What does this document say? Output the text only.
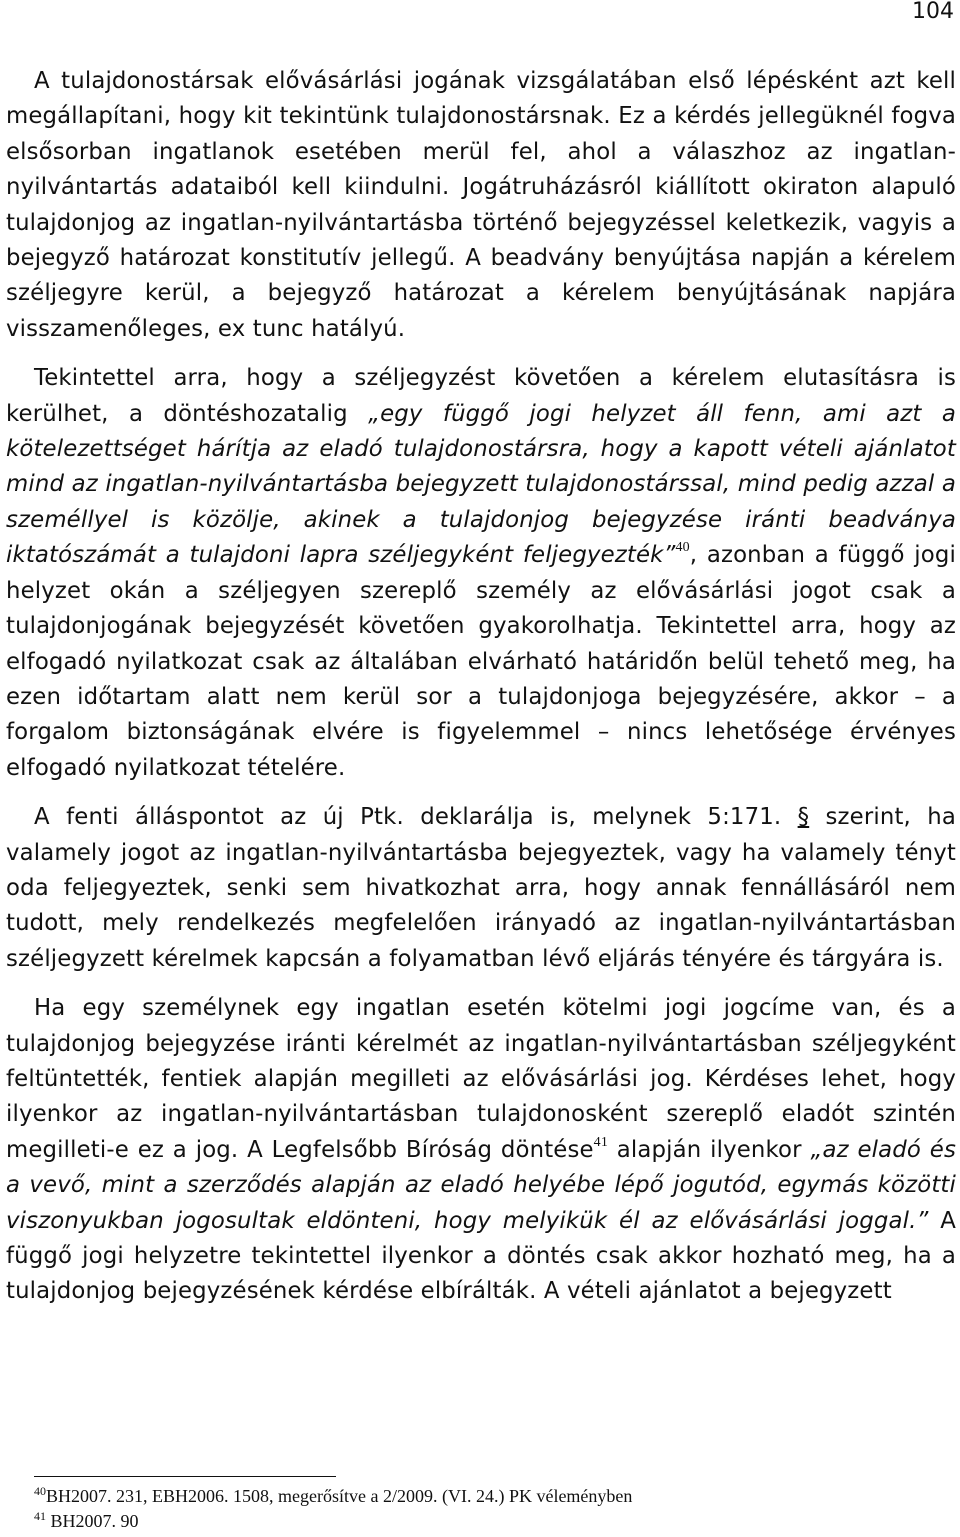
104

A tulajdonostársak elővásárlási jogának vizsgálatában első lépésként azt kell megállapítani, hogy kit tekintünk tulajdonostársnak. Ez a kérdés jellegüknél fogva elsősorban ingatlanok esetében merül fel, ahol a válaszhoz az ingatlan-nyilvántartás adataiból kell kiindulni. Jogátruházásról kiállított okiraton alapuló tulajdonjog az ingatlan-nyilvántartásba történő bejegyzéssel keletkezik, vagyis a bejegyző határozat konstitutív jellegű. A beadvány benyújtása napján a kérelem széljegyre kerül, a bejegyző határozat a kérelem benyújtásának napjára visszamenőleges, ex tunc hatályú.

Tekintettel arra, hogy a széljegyzést követően a kérelem elutasításra is kerülhet, a döntéshozatalig „egy függő jogi helyzet áll fenn, ami azt a kötelezettséget hárítja az eladó tulajdonostársra, hogy a kapott vételi ajánlatot mind az ingatlan-nyilvántartásba bejegyzett tulajdonostárssal, mind pedig azzal a személlyel is közölje, akinek a tulajdonjog bejegyzése iránti beadványa iktatószámát a tulajdoni lapra széljegyként feljegyezték”$^{40}$, azonban a függő jogi helyzet okán a széljegyen szereplő személy az elővásárlási jogot csak a tulajdonjogának bejegyzését követően gyakorolhatja. Tekintettel arra, hogy az elfogadó nyilatkozat csak az általában elvárható határidőn belül tehető meg, ha ezen időtartam alatt nem kerül sor a tulajdonjoga bejegyzésére, akkor – a forgalom biztonságának elvére is figyelemmel – nincs lehetősége érvényes elfogadó nyilatkozat tételére.

A fenti álláspontot az új Ptk. deklarálja is, melynek 5:171. § szerint, ha valamely jogot az ingatlan-nyilvántartásba bejegyeztek, vagy ha valamely tényt oda feljegyeztek, senki sem hivatkozhat arra, hogy annak fennállásáról nem tudott, mely rendelkezés megfelelően irányadó az ingatlan-nyilvántartásban széljegyzett kérelmek kapcsán a folyamatban lévő eljárás tényére és tárgyára is.

Ha egy személynek egy ingatlan esetén kötelmi jogi jogcíme van, és a tulajdonjog bejegyzése iránti kérelmét az ingatlan-nyilvántartásban széljegyként feltüntették, fentiek alapján megilleti az elővásárlási jog. Kérdéses lehet, hogy ilyenkor az ingatlan-nyilvántartásban tulajdonosként szereplő eladót szintén megilleti-e ez a jog. A Legfelsőbb Bíróság döntése$^{41}$ alapján ilyenkor „az eladó és a vevő, mint a szerződés alapján az eladó helyébe lépő jogutód, egymás közötti viszonyukban jogosultak eldönteni, hogy melyikük él az elővásárlási joggal.” A függő jogi helyzetre tekintettel ilyenkor a döntés csak akkor hozható meg, ha a tulajdonjog bejegyzésének kérdése elbírálták. A vételi ajánlatot a bejegyzett

$^{40}$BH2007. 231, EBH2006. 1508, megerősítve a 2/2009. (VI. 24.) PK véleményben
$^{41}$ BH2007. 90
